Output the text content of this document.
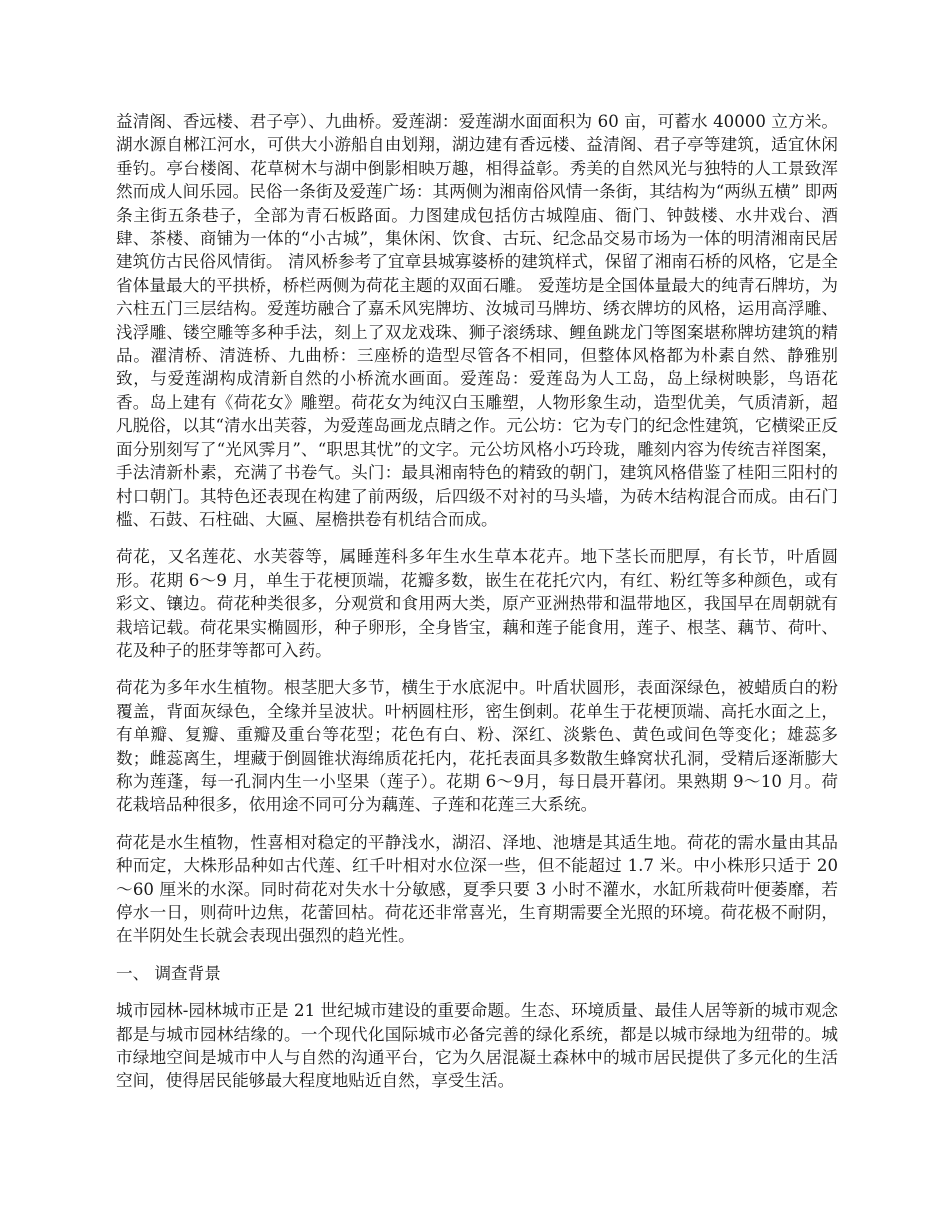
益清阁、香远楼、君子亭）、九曲桥。爱莲湖：爱莲湖水面面积为 60 亩，可蓄水 40000 立方米。湖水源自郴江河水，可供大小游船自由划翔，湖边建有香远楼、益清阁、君子亭等建筑，适宜休闲垂钓。亭台楼阁、花草树木与湖中倒影相映万趣，相得益彰。秀美的自然风光与独特的人工景致浑然而成人间乐园。民俗一条街及爱莲广场：其两侧为湘南俗风情一条街，其结构为“两纵五横” 即两条主街五条巷子，全部为青石板路面。力图建成包括仿古城隍庙、衙门、钟鼓楼、水井戏台、酒肆、茶楼、商铺为一体的“小古城”，集休闲、饮食、古玩、纪念品交易市场为一体的明清湘南民居建筑仿古民俗风情街。 清风桥参考了宜章县城寡婆桥的建筑样式，保留了湘南石桥的风格，它是全省体量最大的平拱桥，桥栏两侧为荷花主题的双面石雕。 爱莲坊是全国体量最大的纯青石牌坊，为六柱五门三层结构。爱莲坊融合了嘉禾风宪牌坊、汝城司马牌坊、绣衣牌坊的风格，运用高浮雕、浅浮雕、镂空雕等多种手法，刻上了双龙戏珠、狮子滚绣球、鲤鱼跳龙门等图案堪称牌坊建筑的精品。濯清桥、清涟桥、九曲桥：三座桥的造型尽管各不相同，但整体风格都为朴素自然、静雅别致，与爱莲湖构成清新自然的小桥流水画面。爱莲岛：爱莲岛为人工岛，岛上绿树映影，鸟语花香。岛上建有《荷花女》雕塑。荷花女为纯汉白玉雕塑，人物形象生动，造型优美，气质清新，超凡脱俗，以其“清水出芙蓉，为爱莲岛画龙点睛之作。元公坊：它为专门的纪念性建筑，它横梁正反面分别刻写了“光风霁月”、“职思其忧”的文字。元公坊风格小巧玲珑，雕刻内容为传统吉祥图案，手法清新朴素，充满了书卷气。头门：最具湘南特色的精致的朝门，建筑风格借鉴了桂阳三阳村的村口朝门。其特色还表现在构建了前两级，后四级不对衬的马头墙，为砖木结构混合而成。由石门槛、石鼓、石柱础、大匾、屋檐拱卷有机结合而成。

荷花，又名莲花、水芙蓉等，属睡莲科多年生水生草本花卉。地下茎长而肥厚，有长节，叶盾圆形。花期 6～9 月，单生于花梗顶端，花瓣多数，嵌生在花托穴内，有红、粉红等多种颜色，或有彩文、镶边。荷花种类很多，分观赏和食用两大类，原产亚洲热带和温带地区，我国早在周朝就有栽培记载。荷花果实椭圆形，种子卵形，全身皆宝，藕和莲子能食用，莲子、根茎、藕节、荷叶、花及种子的胚芽等都可入药。

荷花为多年水生植物。根茎肥大多节，横生于水底泥中。叶盾状圆形，表面深绿色，被蜡质白的粉覆盖，背面灰绿色，全缘并呈波状。叶柄圆柱形，密生倒刺。花单生于花梗顶端、高托水面之上，有单瓣、复瓣、重瓣及重台等花型；花色有白、粉、深红、淡紫色、黄色或间色等变化；雄蕊多数；雌蕊离生，埋藏于倒圆锥状海绵质花托内，花托表面具多数散生蜂窝状孔洞，受精后逐渐膨大称为莲蓬，每一孔洞内生一小坚果（莲子）。花期 6～9月，每日晨开暮闭。果熟期 9～10 月。荷花栽培品种很多，依用途不同可分为藕莲、子莲和花莲三大系统。

荷花是水生植物，性喜相对稳定的平静浅水，湖沼、泽地、池塘是其适生地。荷花的需水量由其品种而定，大株形品种如古代莲、红千叶相对水位深一些，但不能超过 1.7 米。中小株形只适于 20～60 厘米的水深。同时荷花对失水十分敏感，夏季只要 3 小时不灌水，水缸所栽荷叶便萎靡，若停水一日，则荷叶边焦，花蕾回枯。荷花还非常喜光，生育期需要全光照的环境。荷花极不耐阴，在半阴处生长就会表现出强烈的趋光性。

一、 调查背景

城市园林-园林城市正是 21 世纪城市建设的重要命题。生态、环境质量、最佳人居等新的城市观念都是与城市园林结缘的。一个现代化国际城市必备完善的绿化系统，都是以城市绿地为纽带的。城市绿地空间是城市中人与自然的沟通平台，它为久居混凝土森林中的城市居民提供了多元化的生活空间，使得居民能够最大程度地贴近自然，享受生活。
